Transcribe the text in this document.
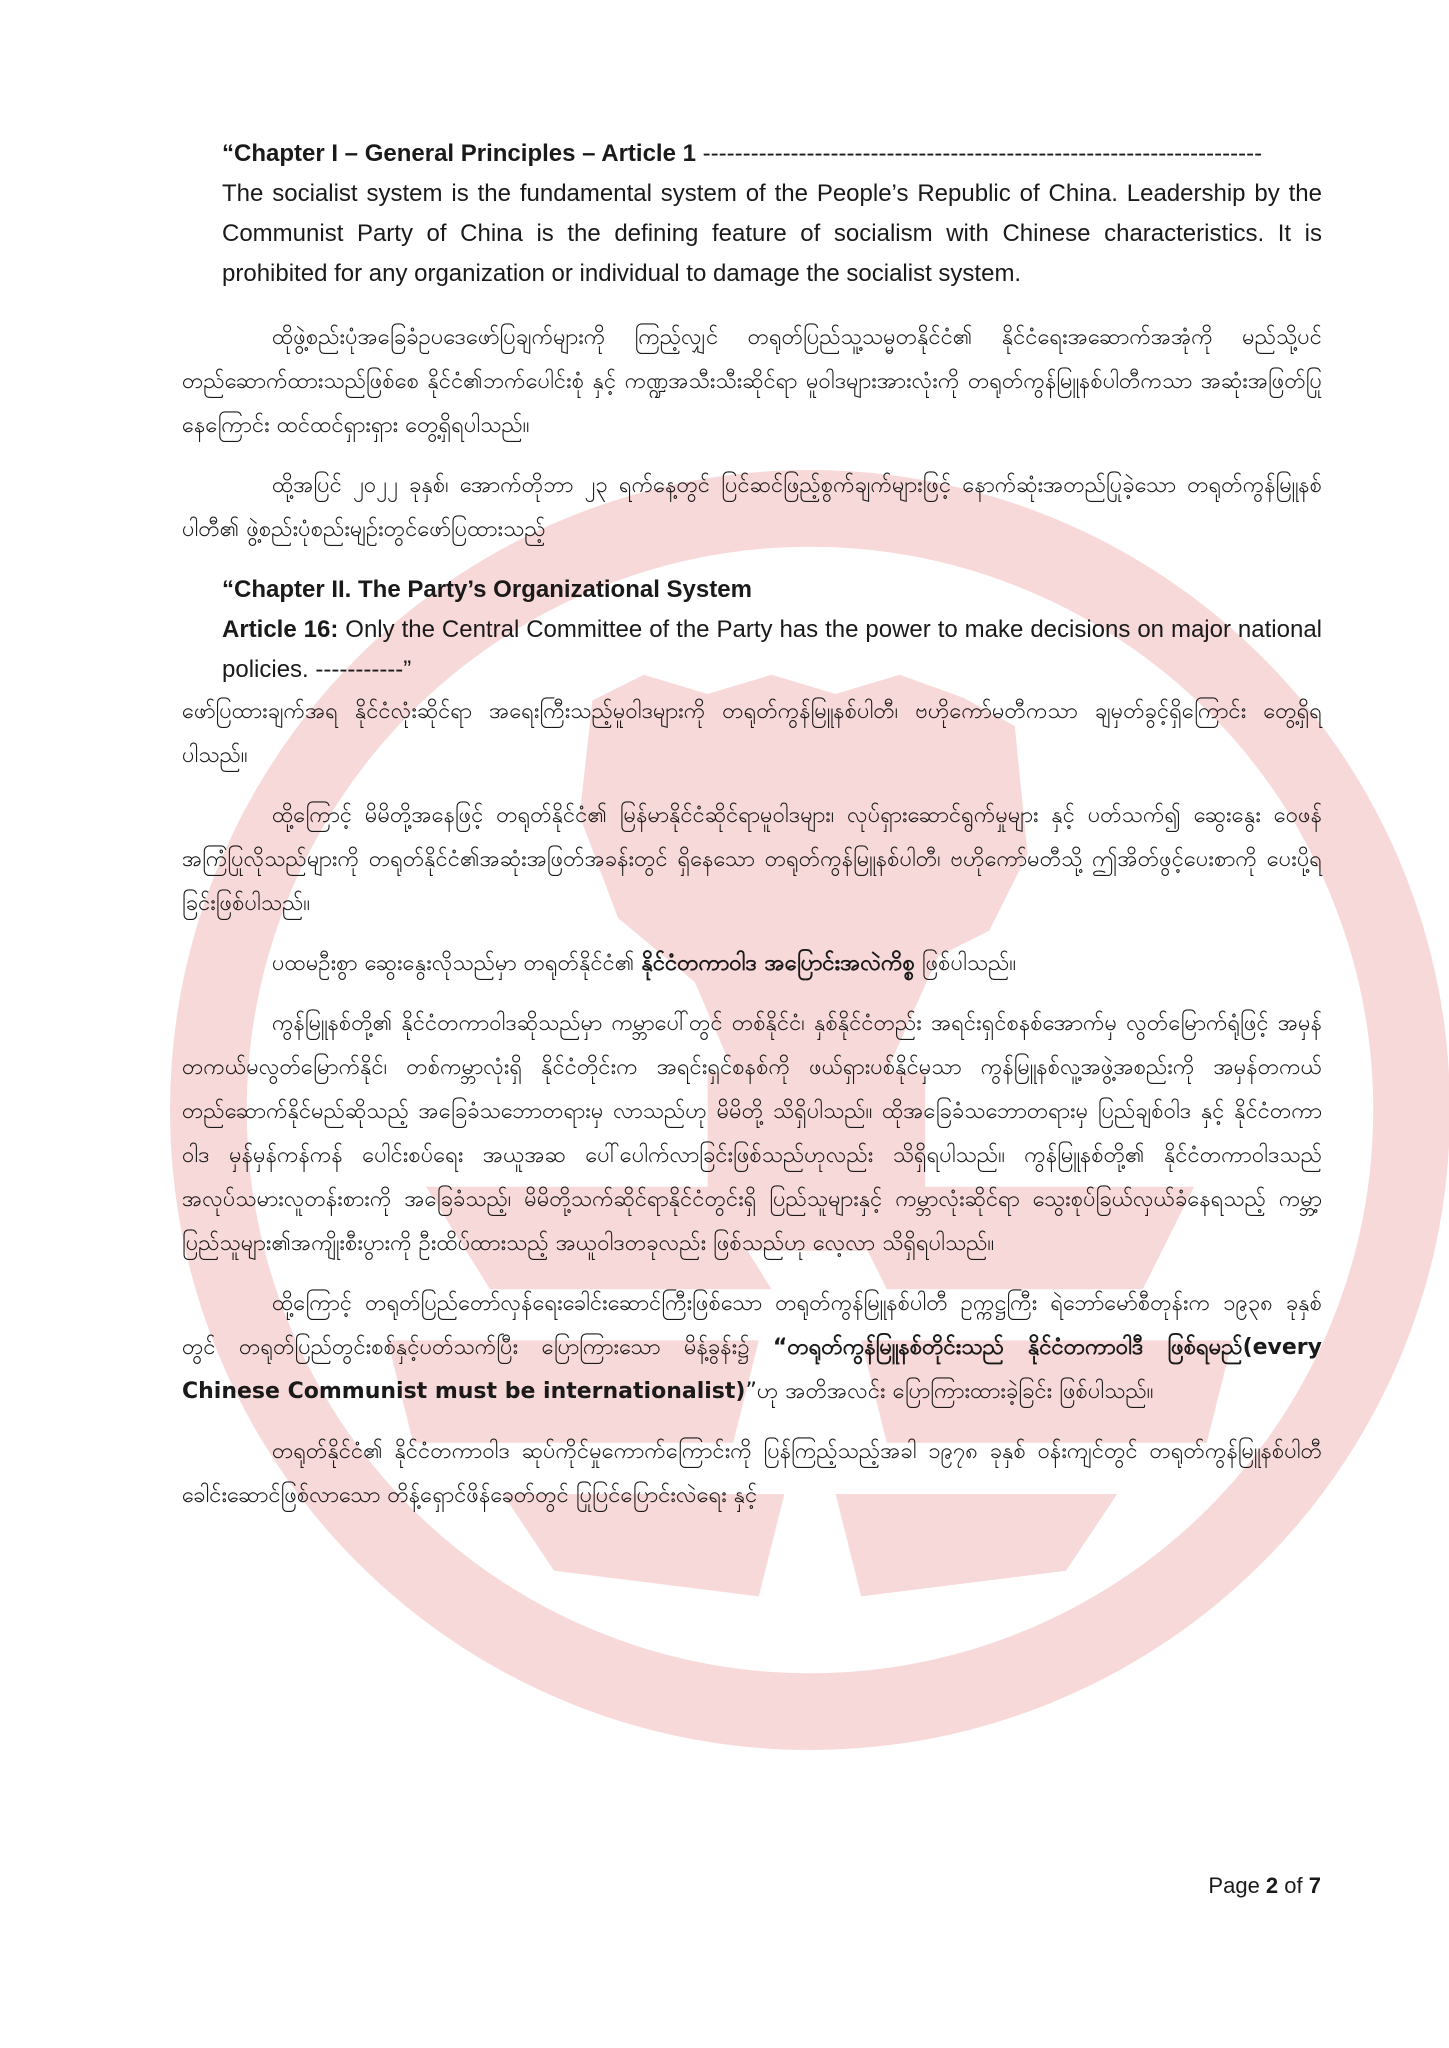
“Chapter I – General Principles – Article 1 ----------------------------------------------------------------------
The socialist system is the fundamental system of the People’s Republic of China. Leadership by the Communist Party of China is the defining feature of socialism with Chinese characteristics. It is prohibited for any organization or individual to damage the socialist system.

ထိုဖွဲ့စည်းပုံအခြေခံဥပဒေဖော်ပြချက်များကို ကြည့်လျှင် တရုတ်ပြည်သူ့သမ္မတနိုင်ငံ၏ နိုင်ငံရေးအဆောက်အအုံကို မည်သို့ပင် တည်ဆောက်ထားသည်ဖြစ်စေ နိုင်ငံ၏ဘက်ပေါင်းစုံ နှင့် ကဏ္ဍအသီးသီးဆိုင်ရာ မူဝါဒများအားလုံးကို တရုတ်ကွန်မြူနစ်ပါတီကသာ အဆုံးအဖြတ်ပြုနေကြောင်း ထင်ထင်ရှားရှား တွေ့ရှိရပါသည်။

ထို့အပြင် ၂၀၂၂ ခုနှစ်၊ အောက်တိုဘာ ၂၃ ရက်နေ့တွင် ပြင်ဆင်ဖြည့်စွက်ချက်များဖြင့် နောက်ဆုံးအတည်ပြုခဲ့သော တရုတ်ကွန်မြူနစ်ပါတီ၏ ဖွဲ့စည်းပုံစည်းမျဉ်းတွင်ဖော်ပြထားသည့်

“Chapter II. The Party’s Organizational System
Article 16: Only the Central Committee of the Party has the power to make decisions on major national policies. -----------”

ဖော်ပြထားချက်အရ နိုင်ငံလုံးဆိုင်ရာ အရေးကြီးသည့်မူဝါဒများကို တရုတ်ကွန်မြူနစ်ပါတီ၊ ဗဟိုကော်မတီကသာ ချမှတ်ခွင့်ရှိကြောင်း တွေ့ရှိရပါသည်။

ထို့ကြောင့် မိမိတို့အနေဖြင့် တရုတ်နိုင်ငံ၏ မြန်မာနိုင်ငံဆိုင်ရာမူဝါဒများ၊ လုပ်ရှားဆောင်ရွက်မှုများ နှင့် ပတ်သက်၍ ဆွေးနွေး ဝေဖန် အကြံပြုလိုသည်များကို တရုတ်နိုင်ငံ၏အဆုံးအဖြတ်အခန်းတွင် ရှိနေသော တရုတ်ကွန်မြူနစ်ပါတီ၊ ဗဟိုကော်မတီသို့ ဤအိတ်ဖွင့်ပေးစာကို ပေးပို့ရခြင်းဖြစ်ပါသည်။

ပထမဦးစွာ ဆွေးနွေးလိုသည်မှာ တရုတ်နိုင်ငံ၏ နိုင်ငံတကာဝါဒ အပြောင်းအလဲကိစ္စ ဖြစ်ပါသည်။

ကွန်မြူနစ်တို့၏ နိုင်ငံတကာဝါဒဆိုသည်မှာ ကမ္ဘာပေါ်တွင် တစ်နိုင်ငံ၊ နှစ်နိုင်ငံတည်း အရင်းရှင်စနစ်အောက်မှ လွတ်မြောက်ရုံဖြင့် အမှန်တကယ်မလွတ်မြောက်နိုင်၊ တစ်ကမ္ဘာလုံးရှိ နိုင်ငံတိုင်းက အရင်းရှင်စနစ်ကို ဖယ်ရှားပစ်နိုင်မှသာ ကွန်မြူနစ်လူ့အဖွဲ့အစည်းကို အမှန်တကယ် တည်ဆောက်နိုင်မည်ဆိုသည့် အခြေခံသဘောတရားမှ လာသည်ဟု မိမိတို့ သိရှိပါသည်။ ထိုအခြေခံသဘောတရားမှ ပြည်ချစ်ဝါဒ နှင့် နိုင်ငံတကာဝါဒ မှန်မှန်ကန်ကန် ပေါင်းစပ်ရေး အယူအဆ ပေါ်ပေါက်လာခြင်းဖြစ်သည်ဟုလည်း သိရှိရပါသည်။ ကွန်မြူနစ်တို့၏ နိုင်ငံတကာဝါဒသည် အလုပ်သမားလူတန်းစားကို အခြေခံသည့်၊ မိမိတို့သက်ဆိုင်ရာနိုင်ငံတွင်းရှိ ပြည်သူများနှင့် ကမ္ဘာလုံးဆိုင်ရာ သွေးစုပ်ခြယ်လှယ်ခံနေရသည့် ကမ္ဘာ့ပြည်သူများ၏အကျိုးစီးပွားကို ဦးထိပ်ထားသည့် အယူဝါဒတခုလည်း ဖြစ်သည်ဟု လေ့လာ သိရှိရပါသည်။

ထို့ကြောင့် တရုတ်ပြည်တော်လှန်ရေးခေါင်းဆောင်ကြီးဖြစ်သော တရုတ်ကွန်မြူနစ်ပါတီ ဥက္ကဋ္ဌကြီး ရဲဘော်မော်စီတုန်းက ၁၉၃၈ ခုနှစ် တွင် တရုတ်ပြည်တွင်းစစ်နှင့်ပတ်သက်ပြီး ပြောကြားသော မိန့်ခွန်း၌ “တရုတ်ကွန်မြူနစ်တိုင်းသည် နိုင်ငံတကာဝါဒီ ဖြစ်ရမည်(every Chinese Communist must be internationalist)”ဟု အတိအလင်း ပြောကြားထားခဲ့ခြင်း ဖြစ်ပါသည်။

တရုတ်နိုင်ငံ၏ နိုင်ငံတကာဝါဒ ဆုပ်ကိုင်မှုကောက်ကြောင်းကို ပြန်ကြည့်သည့်အခါ ၁၉၇၈ ခုနှစ် ဝန်းကျင်တွင် တရုတ်ကွန်မြူနစ်ပါတီ ခေါင်းဆောင်ဖြစ်လာသော တိန့်ရှောင်ဖိန်ခေတ်တွင် ပြုပြင်ပြောင်းလဲရေး နှင့်

Page 2 of 7
